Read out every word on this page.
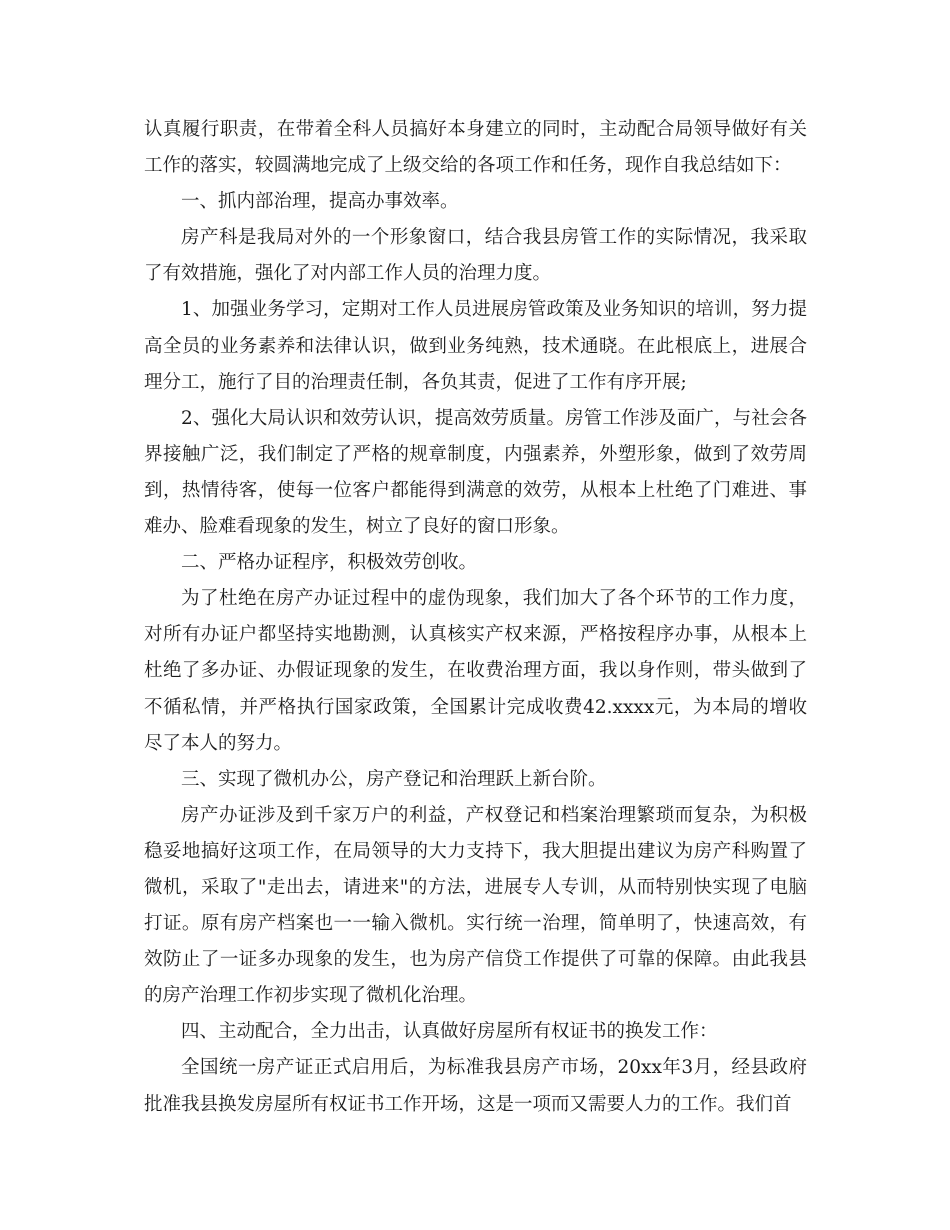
认真履行职责，在带着全科人员搞好本身建立的同时，主动配合局领导做好有关工作的落实，较圆满地完成了上级交给的各项工作和任务，现作自我总结如下：

一、抓内部治理，提高办事效率。

房产科是我局对外的一个形象窗口，结合我县房管工作的实际情况，我采取了有效措施，强化了对内部工作人员的治理力度。

1、加强业务学习，定期对工作人员进展房管政策及业务知识的培训，努力提高全员的业务素养和法律认识，做到业务纯熟，技术通晓。在此根底上，进展合理分工，施行了目的治理责任制，各负其责，促进了工作有序开展;

2、强化大局认识和效劳认识，提高效劳质量。房管工作涉及面广，与社会各界接触广泛，我们制定了严格的规章制度，内强素养，外塑形象，做到了效劳周到，热情待客，使每一位客户都能得到满意的效劳，从根本上杜绝了门难进、事难办、脸难看现象的发生，树立了良好的窗口形象。

二、严格办证程序，积极效劳创收。

为了杜绝在房产办证过程中的虚伪现象，我们加大了各个环节的工作力度，对所有办证户都坚持实地勘测，认真核实产权来源，严格按程序办事，从根本上杜绝了多办证、办假证现象的发生，在收费治理方面，我以身作则，带头做到了不循私情，并严格执行国家政策，全国累计完成收费42.xxxx元，为本局的增收尽了本人的努力。

三、实现了微机办公，房产登记和治理跃上新台阶。

房产办证涉及到千家万户的利益，产权登记和档案治理繁琐而复杂，为积极稳妥地搞好这项工作，在局领导的大力支持下，我大胆提出建议为房产科购置了微机，采取了"走出去，请进来"的方法，进展专人专训，从而特别快实现了电脑打证。原有房产档案也一一输入微机。实行统一治理，简单明了，快速高效，有效防止了一证多办现象的发生，也为房产信贷工作提供了可靠的保障。由此我县的房产治理工作初步实现了微机化治理。

四、主动配合，全力出击，认真做好房屋所有权证书的换发工作：

全国统一房产证正式启用后，为标准我县房产市场，20xx年3月，经县政府批准我县换发房屋所有权证书工作开场，这是一项而又需要人力的工作。我们首
